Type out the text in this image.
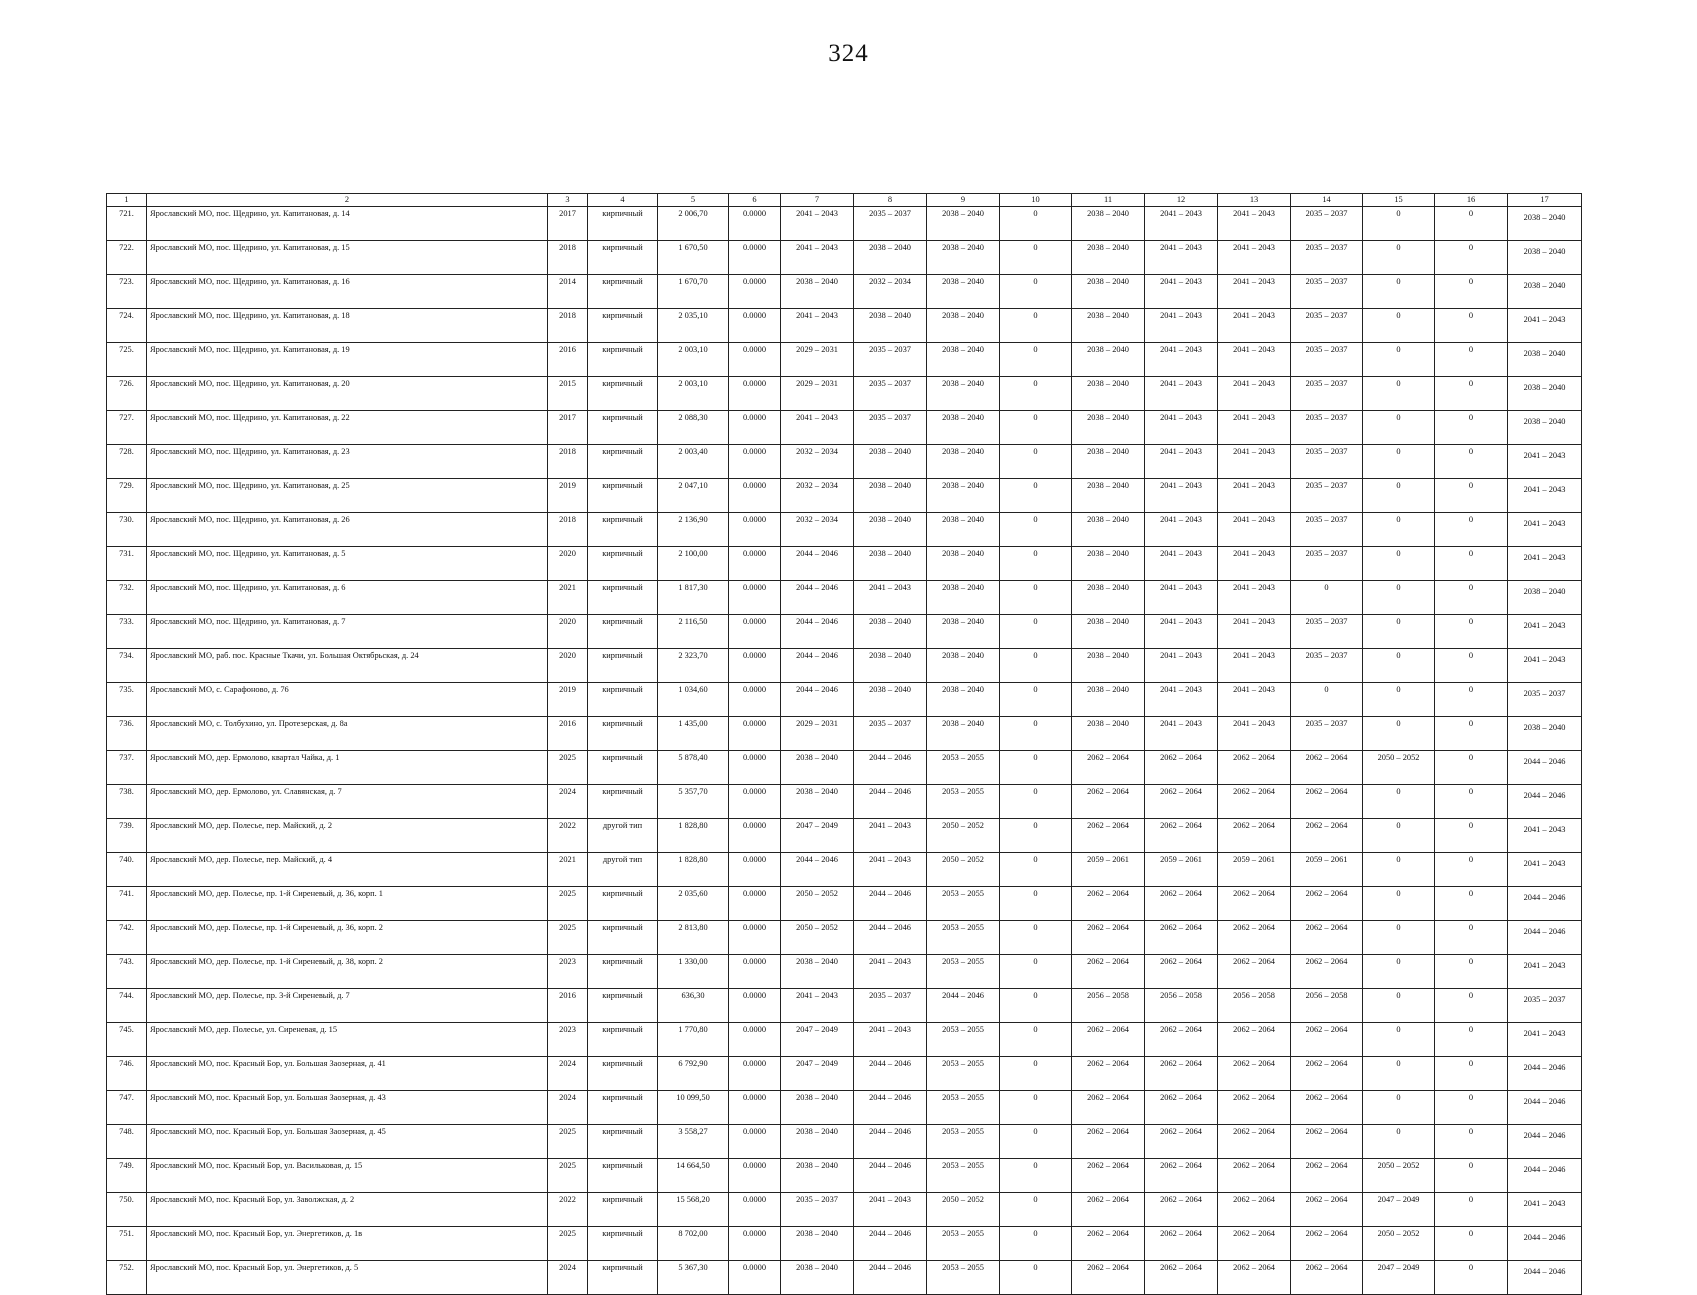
324
1	2	3	4	5	6	7	8	9	10	11	12	13	14	15	16	17
721.	Ярославский МО, пос. Щедрино, ул. Капитановая, д. 14	2017	кирпичный	2 006,70	0.0000	2041 – 2043	2035 – 2037	2038 – 2040	0	2038 – 2040	2041 – 2043	2041 – 2043	2035 – 2037	0	0	2038 – 2040
722.	Ярославский МО, пос. Щедрино, ул. Капитановая, д. 15	2018	кирпичный	1 670,50	0.0000	2041 – 2043	2038 – 2040	2038 – 2040	0	2038 – 2040	2041 – 2043	2041 – 2043	2035 – 2037	0	0	2038 – 2040
723.	Ярославский МО, пос. Щедрино, ул. Капитановая, д. 16	2014	кирпичный	1 670,70	0.0000	2038 – 2040	2032 – 2034	2038 – 2040	0	2038 – 2040	2041 – 2043	2041 – 2043	2035 – 2037	0	0	2038 – 2040
724.	Ярославский МО, пос. Щедрино, ул. Капитановая, д. 18	2018	кирпичный	2 035,10	0.0000	2041 – 2043	2038 – 2040	2038 – 2040	0	2038 – 2040	2041 – 2043	2041 – 2043	2035 – 2037	0	0	2041 – 2043
725.	Ярославский МО, пос. Щедрино, ул. Капитановая, д. 19	2016	кирпичный	2 003,10	0.0000	2029 – 2031	2035 – 2037	2038 – 2040	0	2038 – 2040	2041 – 2043	2041 – 2043	2035 – 2037	0	0	2038 – 2040
726.	Ярославский МО, пос. Щедрино, ул. Капитановая, д. 20	2015	кирпичный	2 003,10	0.0000	2029 – 2031	2035 – 2037	2038 – 2040	0	2038 – 2040	2041 – 2043	2041 – 2043	2035 – 2037	0	0	2038 – 2040
727.	Ярославский МО, пос. Щедрино, ул. Капитановая, д. 22	2017	кирпичный	2 088,30	0.0000	2041 – 2043	2035 – 2037	2038 – 2040	0	2038 – 2040	2041 – 2043	2041 – 2043	2035 – 2037	0	0	2038 – 2040
728.	Ярославский МО, пос. Щедрино, ул. Капитановая, д. 23	2018	кирпичный	2 003,40	0.0000	2032 – 2034	2038 – 2040	2038 – 2040	0	2038 – 2040	2041 – 2043	2041 – 2043	2035 – 2037	0	0	2041 – 2043
729.	Ярославский МО, пос. Щедрино, ул. Капитановая, д. 25	2019	кирпичный	2 047,10	0.0000	2032 – 2034	2038 – 2040	2038 – 2040	0	2038 – 2040	2041 – 2043	2041 – 2043	2035 – 2037	0	0	2041 – 2043
730.	Ярославский МО, пос. Щедрино, ул. Капитановая, д. 26	2018	кирпичный	2 136,90	0.0000	2032 – 2034	2038 – 2040	2038 – 2040	0	2038 – 2040	2041 – 2043	2041 – 2043	2035 – 2037	0	0	2041 – 2043
731.	Ярославский МО, пос. Щедрино, ул. Капитановая, д. 5	2020	кирпичный	2 100,00	0.0000	2044 – 2046	2038 – 2040	2038 – 2040	0	2038 – 2040	2041 – 2043	2041 – 2043	2035 – 2037	0	0	2041 – 2043
732.	Ярославский МО, пос. Щедрино, ул. Капитановая, д. 6	2021	кирпичный	1 817,30	0.0000	2044 – 2046	2041 – 2043	2038 – 2040	0	2038 – 2040	2041 – 2043	2041 – 2043	0	0	0	2038 – 2040
733.	Ярославский МО, пос. Щедрино, ул. Капитановая, д. 7	2020	кирпичный	2 116,50	0.0000	2044 – 2046	2038 – 2040	2038 – 2040	0	2038 – 2040	2041 – 2043	2041 – 2043	2035 – 2037	0	0	2041 – 2043
734.	Ярославский МО, раб. пос. Красные Ткачи, ул. Большая Октябрьская, д. 24	2020	кирпичный	2 323,70	0.0000	2044 – 2046	2038 – 2040	2038 – 2040	0	2038 – 2040	2041 – 2043	2041 – 2043	2035 – 2037	0	0	2041 – 2043
735.	Ярославский МО, с. Сарафоново, д. 76	2019	кирпичный	1 034,60	0.0000	2044 – 2046	2038 – 2040	2038 – 2040	0	2038 – 2040	2041 – 2043	2041 – 2043	0	0	0	2035 – 2037
736.	Ярославский МО, с. Толбухино, ул. Протезерская, д. 8а	2016	кирпичный	1 435,00	0.0000	2029 – 2031	2035 – 2037	2038 – 2040	0	2038 – 2040	2041 – 2043	2041 – 2043	2035 – 2037	0	0	2038 – 2040
737.	Ярославский МО, дер. Ермолово, квартал Чайка, д. 1	2025	кирпичный	5 878,40	0.0000	2038 – 2040	2044 – 2046	2053 – 2055	0	2062 – 2064	2062 – 2064	2062 – 2064	2062 – 2064	2050 – 2052	0	2044 – 2046
738.	Ярославский МО, дер. Ермолово, ул. Славянская, д. 7	2024	кирпичный	5 357,70	0.0000	2038 – 2040	2044 – 2046	2053 – 2055	0	2062 – 2064	2062 – 2064	2062 – 2064	2062 – 2064	0	0	2044 – 2046
739.	Ярославский МО, дер. Полесье, пер. Майский, д. 2	2022	другой тип	1 828,80	0.0000	2047 – 2049	2041 – 2043	2050 – 2052	0	2062 – 2064	2062 – 2064	2062 – 2064	2062 – 2064	0	0	2041 – 2043
740.	Ярославский МО, дер. Полесье, пер. Майский, д. 4	2021	другой тип	1 828,80	0.0000	2044 – 2046	2041 – 2043	2050 – 2052	0	2059 – 2061	2059 – 2061	2059 – 2061	2059 – 2061	0	0	2041 – 2043
741.	Ярославский МО, дер. Полесье, пр. 1-й Сиреневый, д. 36, корп. 1	2025	кирпичный	2 035,60	0.0000	2050 – 2052	2044 – 2046	2053 – 2055	0	2062 – 2064	2062 – 2064	2062 – 2064	2062 – 2064	0	0	2044 – 2046
742.	Ярославский МО, дер. Полесье, пр. 1-й Сиреневый, д. 36, корп. 2	2025	кирпичный	2 813,80	0.0000	2050 – 2052	2044 – 2046	2053 – 2055	0	2062 – 2064	2062 – 2064	2062 – 2064	2062 – 2064	0	0	2044 – 2046
743.	Ярославский МО, дер. Полесье, пр. 1-й Сиреневый, д. 38, корп. 2	2023	кирпичный	1 330,00	0.0000	2038 – 2040	2041 – 2043	2053 – 2055	0	2062 – 2064	2062 – 2064	2062 – 2064	2062 – 2064	0	0	2041 – 2043
744.	Ярославский МО, дер. Полесье, пр. 3-й Сиреневый, д. 7	2016	кирпичный	636,30	0.0000	2041 – 2043	2035 – 2037	2044 – 2046	0	2056 – 2058	2056 – 2058	2056 – 2058	2056 – 2058	0	0	2035 – 2037
745.	Ярославский МО, дер. Полесье, ул. Сиреневая, д. 15	2023	кирпичный	1 770,80	0.0000	2047 – 2049	2041 – 2043	2053 – 2055	0	2062 – 2064	2062 – 2064	2062 – 2064	2062 – 2064	0	0	2041 – 2043
746.	Ярославский МО, пос. Красный Бор, ул. Большая Заозерная, д. 41	2024	кирпичный	6 792,90	0.0000	2047 – 2049	2044 – 2046	2053 – 2055	0	2062 – 2064	2062 – 2064	2062 – 2064	2062 – 2064	0	0	2044 – 2046
747.	Ярославский МО, пос. Красный Бор, ул. Большая Заозерная, д. 43	2024	кирпичный	10 099,50	0.0000	2038 – 2040	2044 – 2046	2053 – 2055	0	2062 – 2064	2062 – 2064	2062 – 2064	2062 – 2064	0	0	2044 – 2046
748.	Ярославский МО, пос. Красный Бор, ул. Большая Заозерная, д. 45	2025	кирпичный	3 558,27	0.0000	2038 – 2040	2044 – 2046	2053 – 2055	0	2062 – 2064	2062 – 2064	2062 – 2064	2062 – 2064	0	0	2044 – 2046
749.	Ярославский МО, пос. Красный Бор, ул. Васильковая, д. 15	2025	кирпичный	14 664,50	0.0000	2038 – 2040	2044 – 2046	2053 – 2055	0	2062 – 2064	2062 – 2064	2062 – 2064	2062 – 2064	2050 – 2052	0	2044 – 2046
750.	Ярославский МО, пос. Красный Бор, ул. Заволжская, д. 2	2022	кирпичный	15 568,20	0.0000	2035 – 2037	2041 – 2043	2050 – 2052	0	2062 – 2064	2062 – 2064	2062 – 2064	2062 – 2064	2047 – 2049	0	2041 – 2043
751.	Ярославский МО, пос. Красный Бор, ул. Энергетиков, д. 1в	2025	кирпичный	8 702,00	0.0000	2038 – 2040	2044 – 2046	2053 – 2055	0	2062 – 2064	2062 – 2064	2062 – 2064	2062 – 2064	2050 – 2052	0	2044 – 2046
752.	Ярославский МО, пос. Красный Бор, ул. Энергетиков, д. 5	2024	кирпичный	5 367,30	0.0000	2038 – 2040	2044 – 2046	2053 – 2055	0	2062 – 2064	2062 – 2064	2062 – 2064	2062 – 2064	2047 – 2049	0	2044 – 2046
